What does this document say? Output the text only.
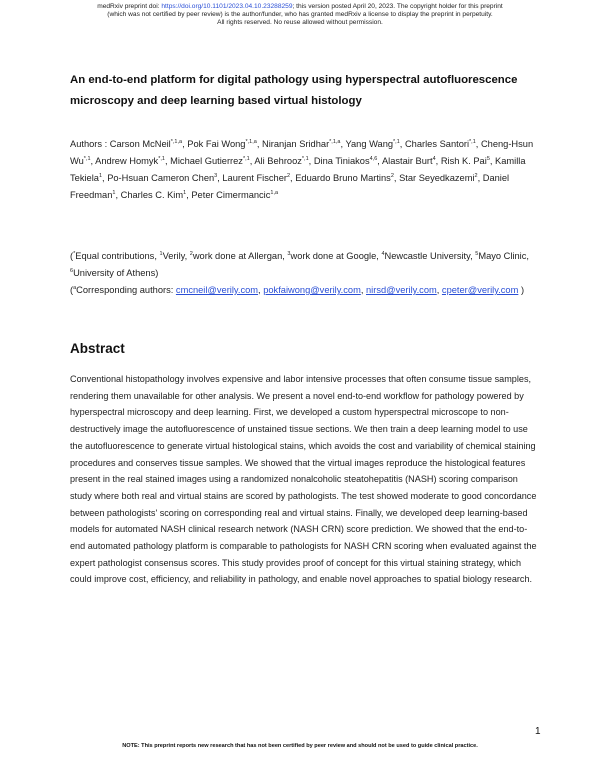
medRxiv preprint doi: https://doi.org/10.1101/2023.04.10.23288259; this version posted April 20, 2023. The copyright holder for this preprint
(which was not certified by peer review) is the author/funder, who has granted medRxiv a license to display the preprint in perpetuity.
All rights reserved. No reuse allowed without permission.
An end-to-end platform for digital pathology using hyperspectral autofluorescence microscopy and deep learning based virtual histology
Authors : Carson McNeil$^{*,1,a}$, Pok Fai Wong$^{*,1,a}$, Niranjan Sridhar$^{*,1,a}$, Yang Wang$^{*,1}$, Charles Santori$^{*,1}$, Cheng-Hsun $Wu^{*,1}$, Andrew Homyk$^{*,1}$, Michael Gutierrez$^{*,1}$, Ali Behrooz$^{*,1}$, Dina Tiniakos$^{4,6}$, Alastair Burt$^4$, Rish K. Pai$^5$, Kamilla Tekiela$^1$, Po-Hsuan Cameron Chen$^3$, Laurent Fischer$^2$, Eduardo Bruno Martins$^2$, Star Seyedkazemi$^2$, Daniel Freedman$^1$, Charles C. Kim$^1$, Peter Cimermancic$^{1,a}$
(*Equal contributions, $^1$Verily, $^2$work done at Allergan, $^3$work done at Google, $^4$Newcastle University, $^5$Mayo Clinic, $^6$University of Athens)
($^a$Corresponding authors: cmcneil@verily.com, pokfaiwong@verily.com, nirsd@verily.com, cpeter@verily.com )
Abstract
Conventional histopathology involves expensive and labor intensive processes that often consume tissue samples, rendering them unavailable for other analysis. We present a novel end-to-end workflow for pathology powered by hyperspectral microscopy and deep learning. First, we developed a custom hyperspectral microscope to non-destructively image the autofluorescence of unstained tissue sections. We then train a deep learning model to use the autofluorescence to generate virtual histological stains, which avoids the cost and variability of chemical staining procedures and conserves tissue samples. We showed that the virtual images reproduce the histological features present in the real stained images using a randomized nonalcoholic steatohepatitis (NASH) scoring comparison study where both real and virtual stains are scored by pathologists. The test showed moderate to good concordance between pathologists' scoring on corresponding real and virtual stains. Finally, we developed deep learning-based models for automated NASH clinical research network (NASH CRN) score prediction. We showed that the end-to-end automated pathology platform is comparable to pathologists for NASH CRN scoring when evaluated against the expert pathologist consensus scores. This study provides proof of concept for this virtual staining strategy, which could improve cost, efficiency, and reliability in pathology, and enable novel approaches to spatial biology research.
1
NOTE: This preprint reports new research that has not been certified by peer review and should not be used to guide clinical practice.
